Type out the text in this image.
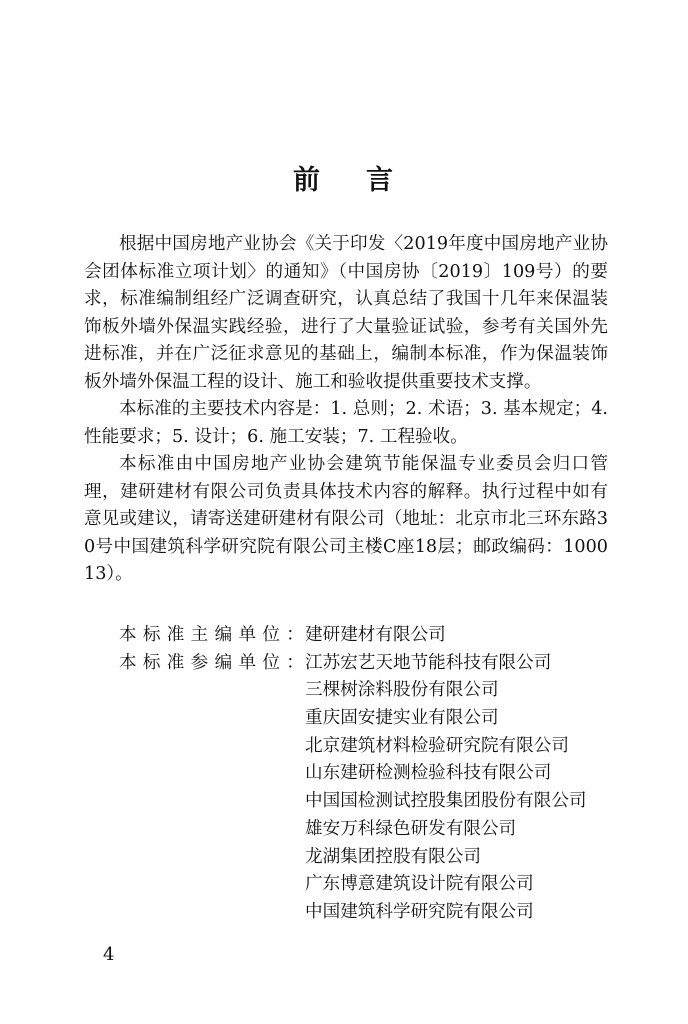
前 言

根据中国房地产业协会《关于印发〈2019年度中国房地产业协会团体标准立项计划〉的通知》（中国房协〔2019〕109号）的要求，标准编制组经广泛调查研究，认真总结了我国十几年来保温装饰板外墙外保温实践经验，进行了大量验证试验，参考有关国外先进标准，并在广泛征求意见的基础上，编制本标准，作为保温装饰板外墙外保温工程的设计、施工和验收提供重要技术支撑。

本标准的主要技术内容是：1. 总则；2. 术语；3. 基本规定；4. 性能要求；5. 设计；6. 施工安装；7. 工程验收。

本标准由中国房地产业协会建筑节能保温专业委员会归口管理，建研建材有限公司负责具体技术内容的解释。执行过程中如有意见或建议，请寄送建研建材有限公司（地址：北京市北三环东路30号中国建筑科学研究院有限公司主楼C座18层；邮政编码：100013）。

本标准主编单位：
建研建材有限公司
本标准参编单位：
江苏宏艺天地节能科技有限公司
三棵树涂料股份有限公司
重庆固安捷实业有限公司
北京建筑材料检验研究院有限公司
山东建研检测检验科技有限公司
中国国检测试控股集团股份有限公司
雄安万科绿色研发有限公司
龙湖集团控股有限公司
广东博意建筑设计院有限公司
中国建筑科学研究院有限公司
4
